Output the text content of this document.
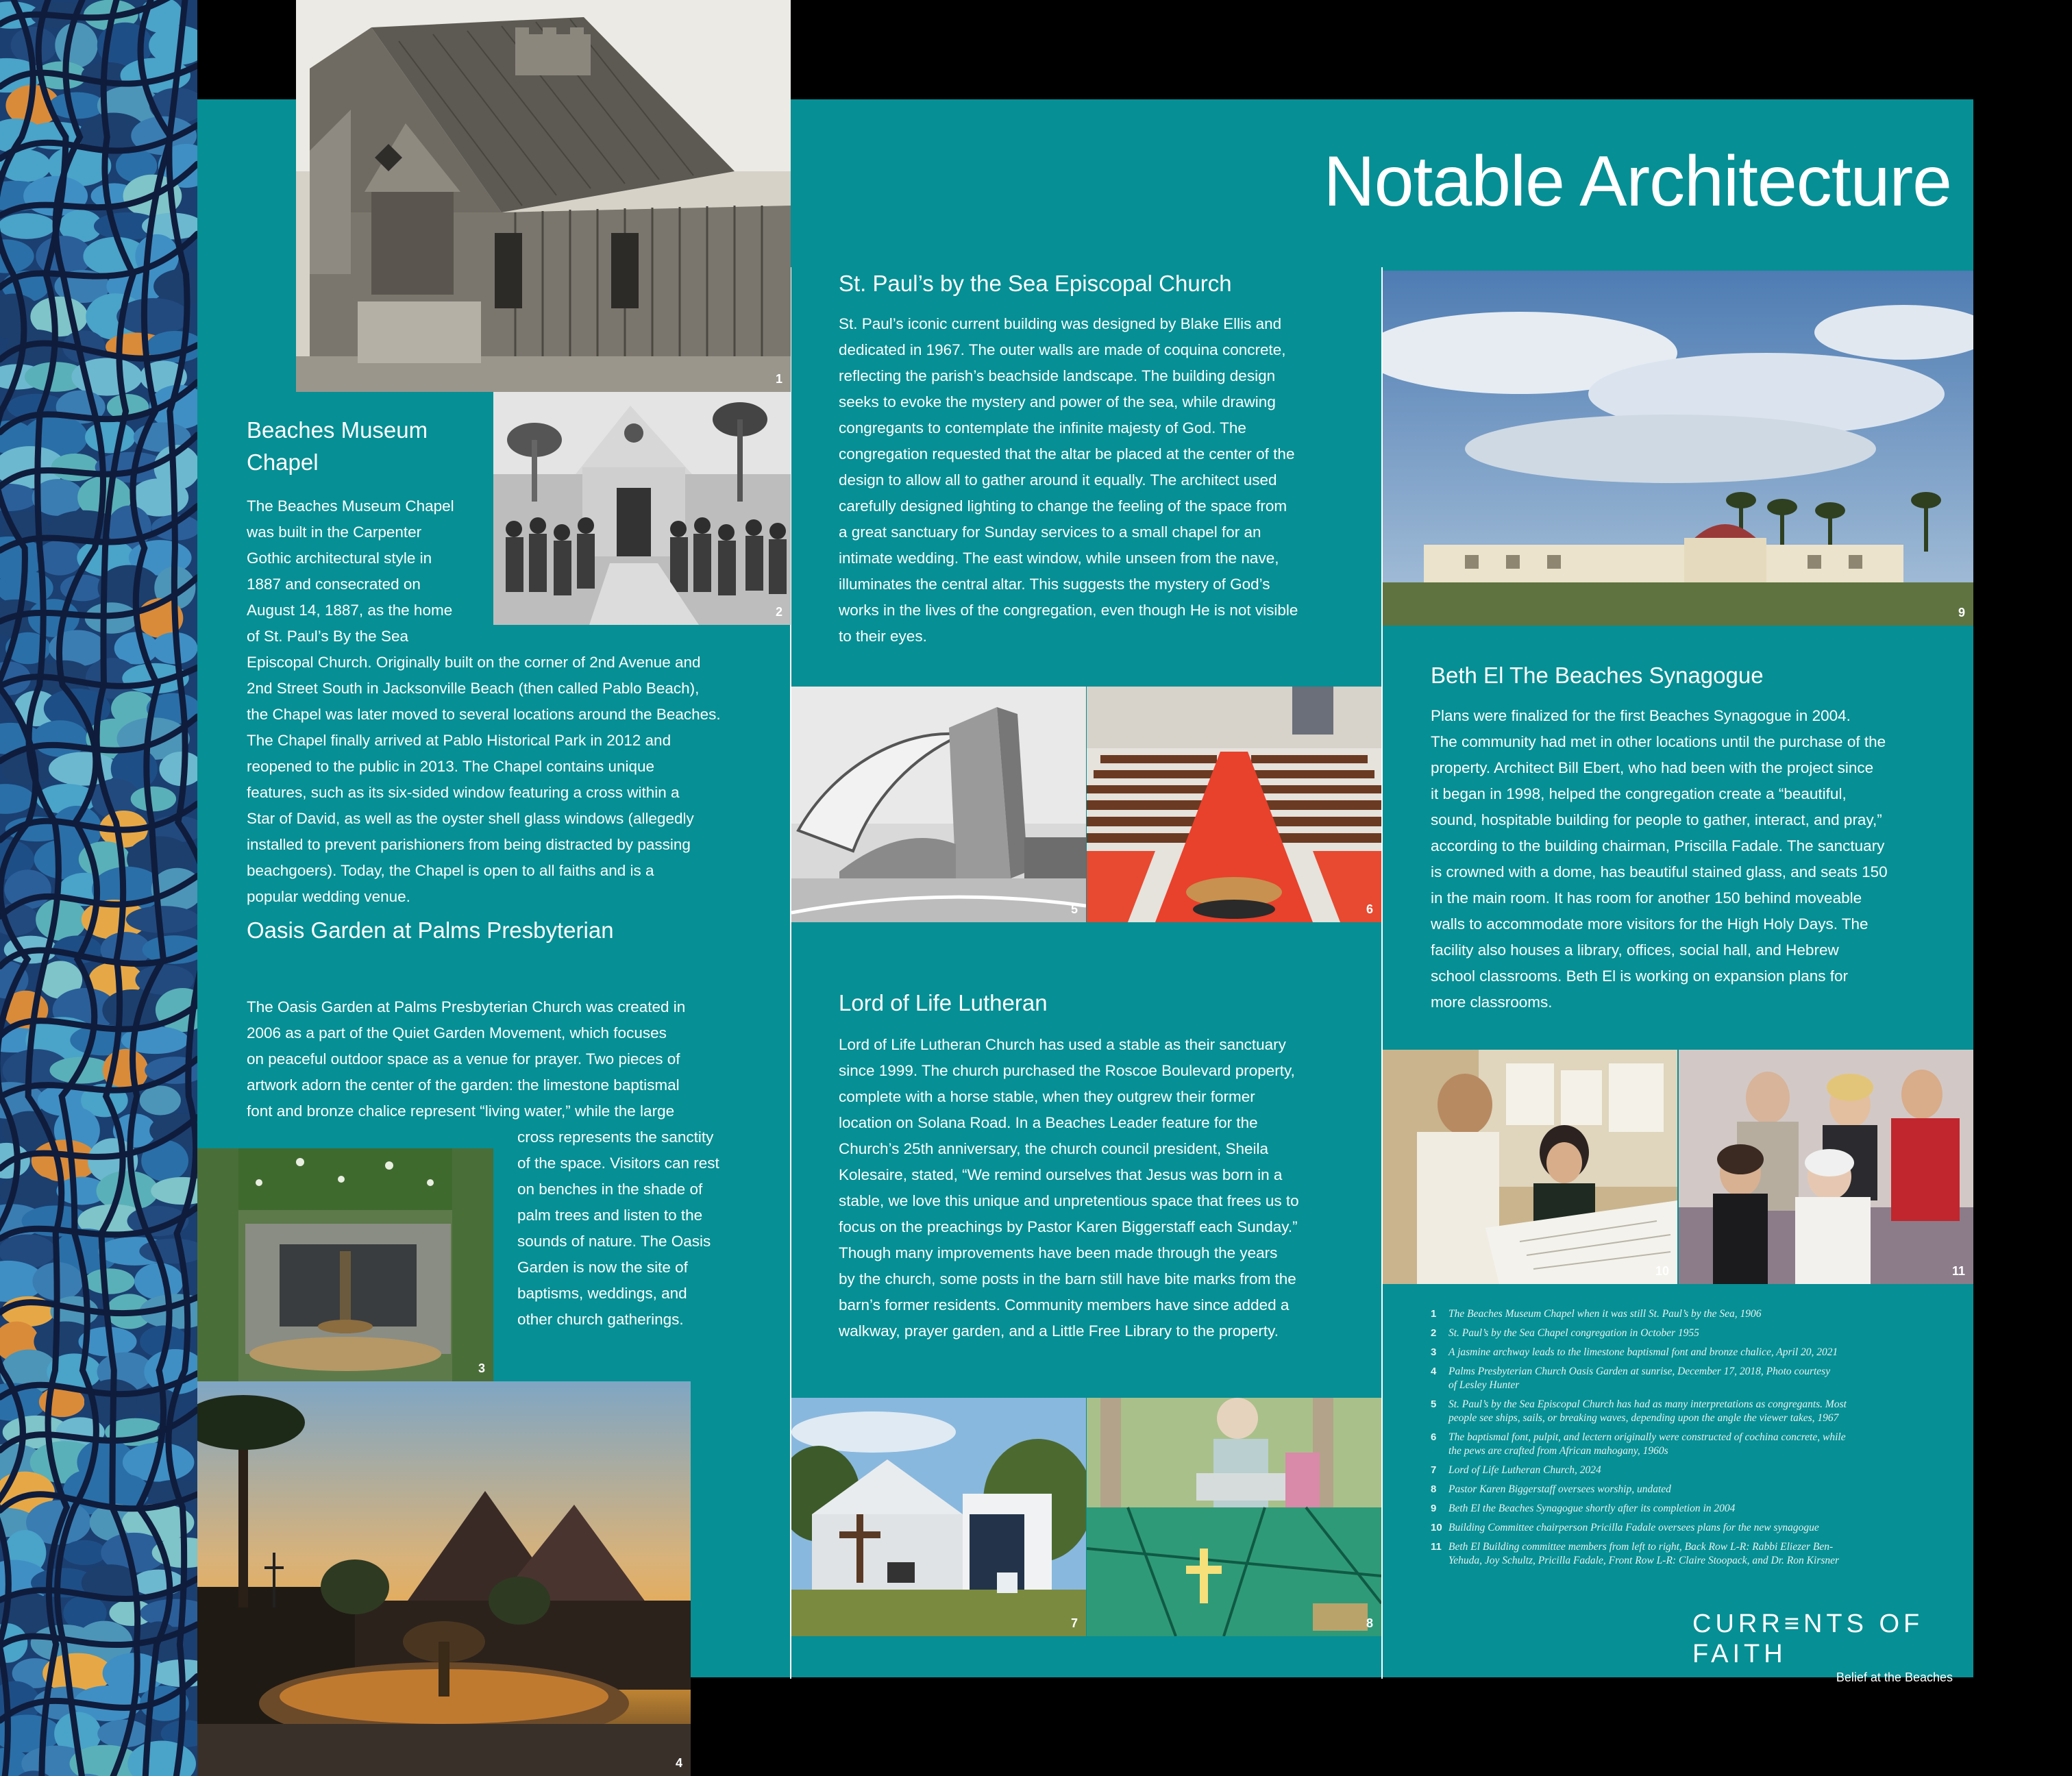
Notable Architecture
1
2
3
4
5	6
7	8
9
10	11
Beaches Museum
Chapel

The Beaches Museum Chapel

was built in the Carpenter

Gothic architectural style in

1887 and consecrated on

August 14, 1887, as the home

of St. Paul’s By the Sea

Episcopal Church. Originally built on the corner of 2nd Avenue and

2nd Street South in Jacksonville Beach (then called Pablo Beach),

the Chapel was later moved to several locations around the Beaches.

The Chapel finally arrived at Pablo Historical Park in 2012 and

reopened to the public in 2013. The Chapel contains unique

features, such as its six-sided window featuring a cross within a

Star of David, as well as the oyster shell glass windows (allegedly

installed to prevent parishioners from being distracted by passing

beachgoers). Today, the Chapel is open to all faiths and is a

popular wedding venue.

Oasis Garden at Palms Presbyterian

The Oasis Garden at Palms Presbyterian Church was created in

2006 as a part of the Quiet Garden Movement, which focuses

on peaceful outdoor space as a venue for prayer. Two pieces of

artwork adorn the center of the garden: the limestone baptismal

font and bronze chalice represent “living water,” while the large

cross represents the sanctity

of the space. Visitors can rest

on benches in the shade of

palm trees and listen to the

sounds of nature. The Oasis

Garden is now the site of

baptisms, weddings, and

other church gatherings.

St. Paul’s by the Sea Episcopal Church

St. Paul’s iconic current building was designed by Blake Ellis and

dedicated in 1967. The outer walls are made of coquina concrete,

reflecting the parish’s beachside landscape. The building design

seeks to evoke the mystery and power of the sea, while drawing

congregants to contemplate the infinite majesty of God. The

congregation requested that the altar be placed at the center of the

design to allow all to gather around it equally. The architect used

carefully designed lighting to change the feeling of the space from

a great sanctuary for Sunday services to a small chapel for an

intimate wedding. The east window, while unseen from the nave,

illuminates the central altar. This suggests the mystery of God’s

works in the lives of the congregation, even though He is not visible

to their eyes.

Lord of Life Lutheran

Lord of Life Lutheran Church has used a stable as their sanctuary

since 1999. The church purchased the Roscoe Boulevard property,

complete with a horse stable, when they outgrew their former

location on Solana Road. In a Beaches Leader feature for the

Church’s 25th anniversary, the church council president, Sheila

Kolesaire, stated, “We remind ourselves that Jesus was born in a

stable, we love this unique and unpretentious space that frees us to

focus on the preachings by Pastor Karen Biggerstaff each Sunday.”

Though many improvements have been made through the years

by the church, some posts in the barn still have bite marks from the

barn’s former residents. Community members have since added a

walkway, prayer garden, and a Little Free Library to the property.

Beth El The Beaches Synagogue

Plans were finalized for the first Beaches Synagogue in 2004.

The community had met in other locations until the purchase of the

property. Architect Bill Ebert, who had been with the project since

it began in 1998, helped the congregation create a “beautiful,

sound, hospitable building for people to gather, interact, and pray,”

according to the building chairman, Priscilla Fadale. The sanctuary

is crowned with a dome, has beautiful stained glass, and seats 150

in the main room. It has room for another 150 behind moveable

walls to accommodate more visitors for the High Holy Days. The

facility also houses a library, offices, social hall, and Hebrew

school classrooms. Beth El is working on expansion plans for

more classrooms.

1	The Beaches Museum Chapel when it was still St. Paul’s by the Sea, 1906
2	St. Paul’s by the Sea Chapel congregation in October 1955
3	A jasmine archway leads to the limestone baptismal font and bronze chalice, April 20, 2021
4	Palms Presbyterian Church Oasis Garden at sunrise, December 17, 2018, Photo courtesy
of Lesley Hunter
5	St. Paul’s by the Sea Episcopal Church has had as many interpretations as congregants. Most
people see ships, sails, or breaking waves, depending upon the angle the viewer takes, 1967
6	The baptismal font, pulpit, and lectern originally were constructed of cochina concrete, while
the pews are crafted from African mahogany, 1960s
7	Lord of Life Lutheran Church, 2024
8	Pastor Karen Biggerstaff oversees worship, undated
9	Beth El the Beaches Synagogue shortly after its completion in 2004
10 Building Committee chairperson Pricilla Fadale oversees plans for the new synagogue
11 Beth El Building committee members from left to right, Back Row L-R: Rabbi Eliezer Ben-
Yehuda, Joy Schultz, Pricilla Fadale, Front Row L-R: Claire Stoopack, and Dr. Ron Kirsner
CURR≡NTS OF FAITH
Belief at the Beaches
